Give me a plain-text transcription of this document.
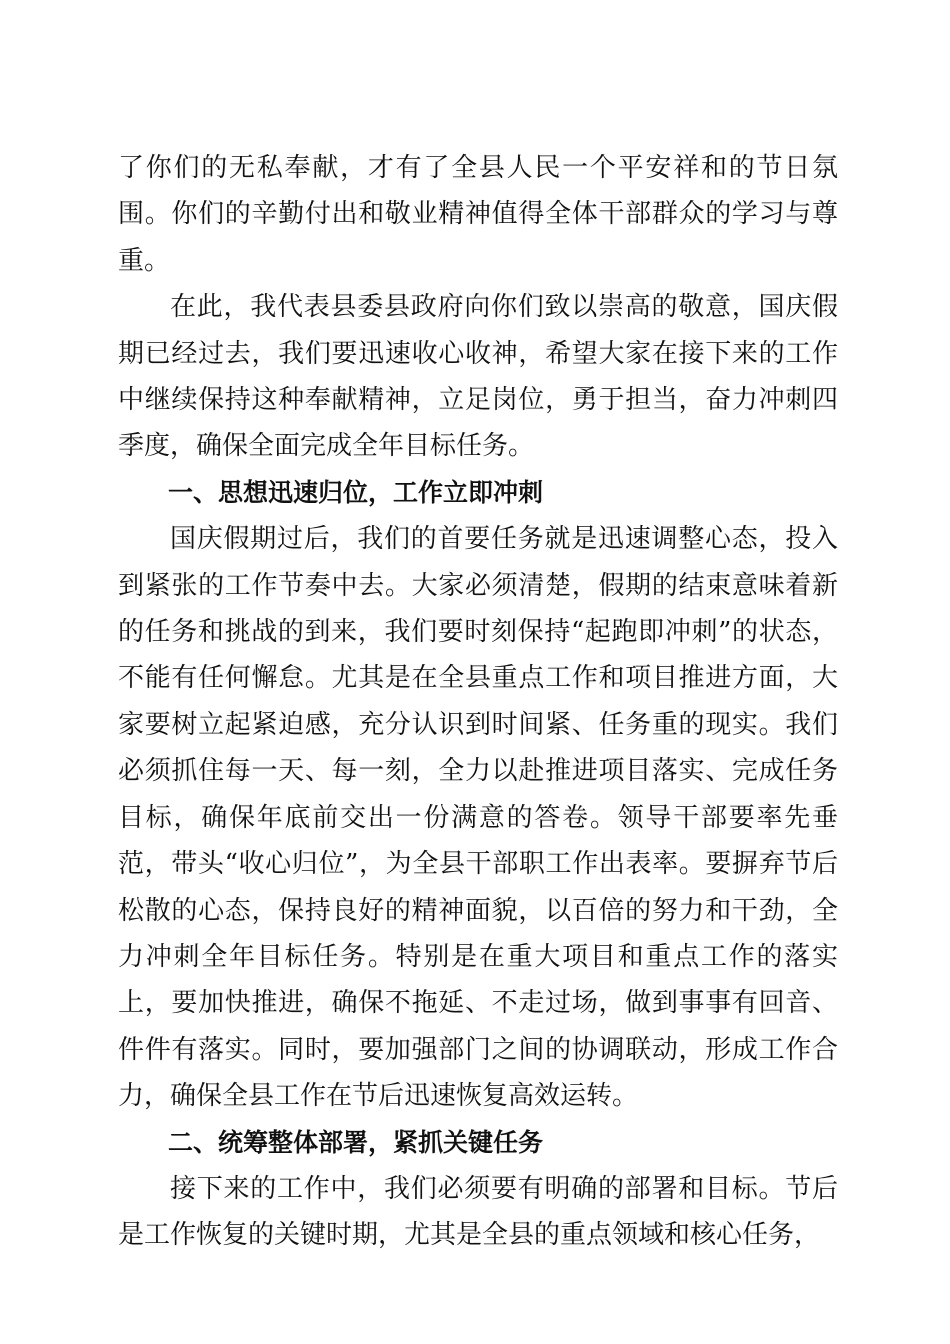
了你们的无私奉献，才有了全县人民一个平安祥和的节日氛围。你们的辛勤付出和敬业精神值得全体干部群众的学习与尊重。

在此，我代表县委县政府向你们致以崇高的敬意，国庆假期已经过去，我们要迅速收心收神，希望大家在接下来的工作中继续保持这种奉献精神，立足岗位，勇于担当，奋力冲刺四季度，确保全面完成全年目标任务。

一、思想迅速归位，工作立即冲刺

国庆假期过后，我们的首要任务就是迅速调整心态，投入到紧张的工作节奏中去。大家必须清楚，假期的结束意味着新的任务和挑战的到来，我们要时刻保持“起跑即冲刺”的状态，不能有任何懈怠。尤其是在全县重点工作和项目推进方面，大家要树立起紧迫感，充分认识到时间紧、任务重的现实。我们必须抓住每一天、每一刻，全力以赴推进项目落实、完成任务目标，确保年底前交出一份满意的答卷。领导干部要率先垂范，带头“收心归位”，为全县干部职工作出表率。要摒弃节后松散的心态，保持良好的精神面貌，以百倍的努力和干劲，全力冲刺全年目标任务。特别是在重大项目和重点工作的落实上，要加快推进，确保不拖延、不走过场，做到事事有回音、件件有落实。同时，要加强部门之间的协调联动，形成工作合力，确保全县工作在节后迅速恢复高效运转。

二、统筹整体部署，紧抓关键任务

接下来的工作中，我们必须要有明确的部署和目标。节后是工作恢复的关键时期，尤其是全县的重点领域和核心任务，
